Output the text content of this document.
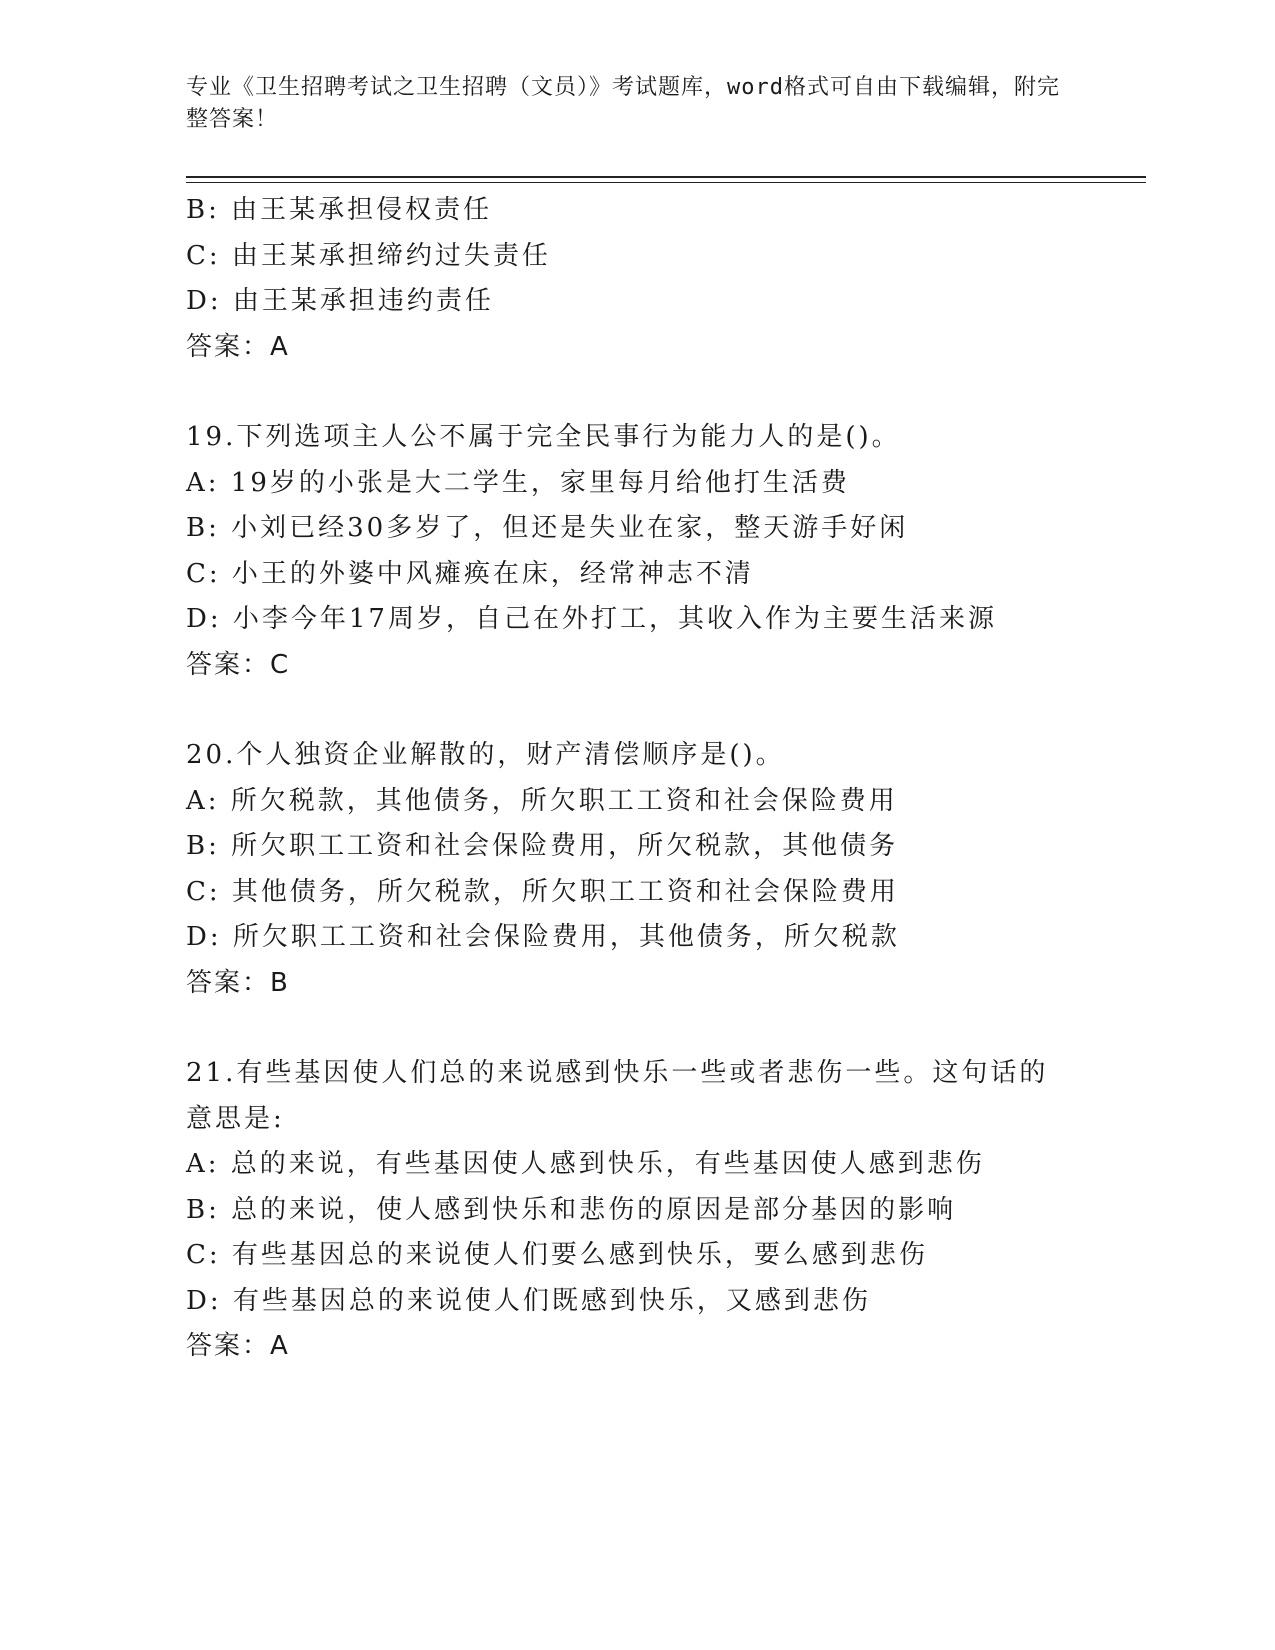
专业《卫生招聘考试之卫生招聘（文员）》考试题库，word格式可自由下载编辑，附完整答案！
B: 由王某承担侵权责任
C: 由王某承担缔约过失责任
D: 由王某承担违约责任
答案：A
19.下列选项主人公不属于完全民事行为能力人的是()。
A: 19岁的小张是大二学生，家里每月给他打生活费
B: 小刘已经30多岁了，但还是失业在家，整天游手好闲
C: 小王的外婆中风瘫痪在床，经常神志不清
D: 小李今年17周岁，自己在外打工，其收入作为主要生活来源
答案：C
20.个人独资企业解散的，财产清偿顺序是()。
A: 所欠税款，其他债务，所欠职工工资和社会保险费用
B: 所欠职工工资和社会保险费用，所欠税款，其他债务
C: 其他债务，所欠税款，所欠职工工资和社会保险费用
D: 所欠职工工资和社会保险费用，其他债务，所欠税款
答案：B
21.有些基因使人们总的来说感到快乐一些或者悲伤一些。这句话的意思是:
A: 总的来说，有些基因使人感到快乐，有些基因使人感到悲伤
B: 总的来说，使人感到快乐和悲伤的原因是部分基因的影响
C: 有些基因总的来说使人们要么感到快乐，要么感到悲伤
D: 有些基因总的来说使人们既感到快乐，又感到悲伤
答案：A
